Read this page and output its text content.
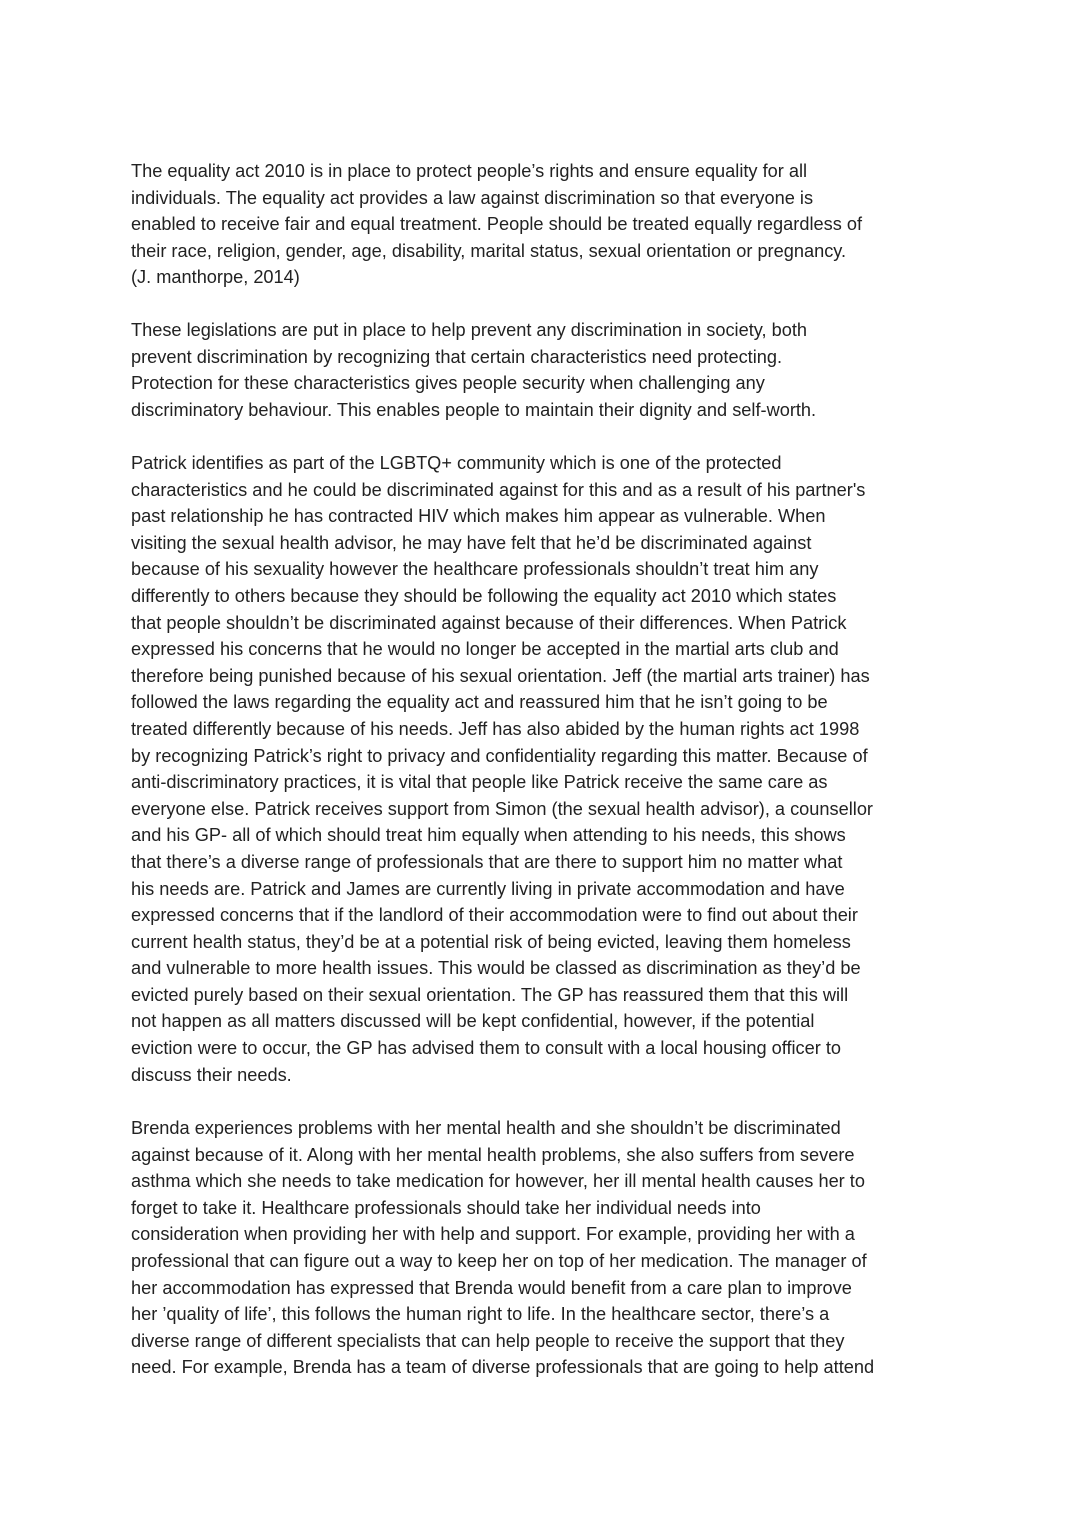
The equality act 2010 is in place to protect people’s rights and ensure equality for all
individuals. The equality act provides a law against discrimination so that everyone is
enabled to receive fair and equal treatment. People should be treated equally regardless of
their race, religion, gender, age, disability, marital status, sexual orientation or pregnancy.
(J. manthorpe, 2014)
These legislations are put in place to help prevent any discrimination in society, both
prevent discrimination by recognizing that certain characteristics need protecting.
Protection for these characteristics gives people security when challenging any
discriminatory behaviour. This enables people to maintain their dignity and self-worth.
Patrick identifies as part of the LGBTQ+ community which is one of the protected
characteristics and he could be discriminated against for this and as a result of his partner's
past relationship he has contracted HIV which makes him appear as vulnerable. When
visiting the sexual health advisor, he may have felt that he’d be discriminated against
because of his sexuality however the healthcare professionals shouldn’t treat him any
differently to others because they should be following the equality act 2010 which states
that people shouldn’t be discriminated against because of their differences. When Patrick
expressed his concerns that he would no longer be accepted in the martial arts club and
therefore being punished because of his sexual orientation. Jeff (the martial arts trainer) has
followed the laws regarding the equality act and reassured him that he isn’t going to be
treated differently because of his needs. Jeff has also abided by the human rights act 1998
by recognizing Patrick’s right to privacy and confidentiality regarding this matter. Because of
anti-discriminatory practices, it is vital that people like Patrick receive the same care as
everyone else. Patrick receives support from Simon (the sexual health advisor), a counsellor
and his GP- all of which should treat him equally when attending to his needs, this shows
that there’s a diverse range of professionals that are there to support him no matter what
his needs are. Patrick and James are currently living in private accommodation and have
expressed concerns that if the landlord of their accommodation were to find out about their
current health status, they’d be at a potential risk of being evicted, leaving them homeless
and vulnerable to more health issues. This would be classed as discrimination as they’d be
evicted purely based on their sexual orientation. The GP has reassured them that this will
not happen as all matters discussed will be kept confidential, however, if the potential
eviction were to occur, the GP has advised them to consult with a local housing officer to
discuss their needs.
Brenda experiences problems with her mental health and she shouldn’t be discriminated
against because of it. Along with her mental health problems, she also suffers from severe
asthma which she needs to take medication for however, her ill mental health causes her to
forget to take it. Healthcare professionals should take her individual needs into
consideration when providing her with help and support. For example, providing her with a
professional that can figure out a way to keep her on top of her medication. The manager of
her accommodation has expressed that Brenda would benefit from a care plan to improve
her ’quality of life’, this follows the human right to life. In the healthcare sector, there’s a
diverse range of different specialists that can help people to receive the support that they
need. For example, Brenda has a team of diverse professionals that are going to help attend
